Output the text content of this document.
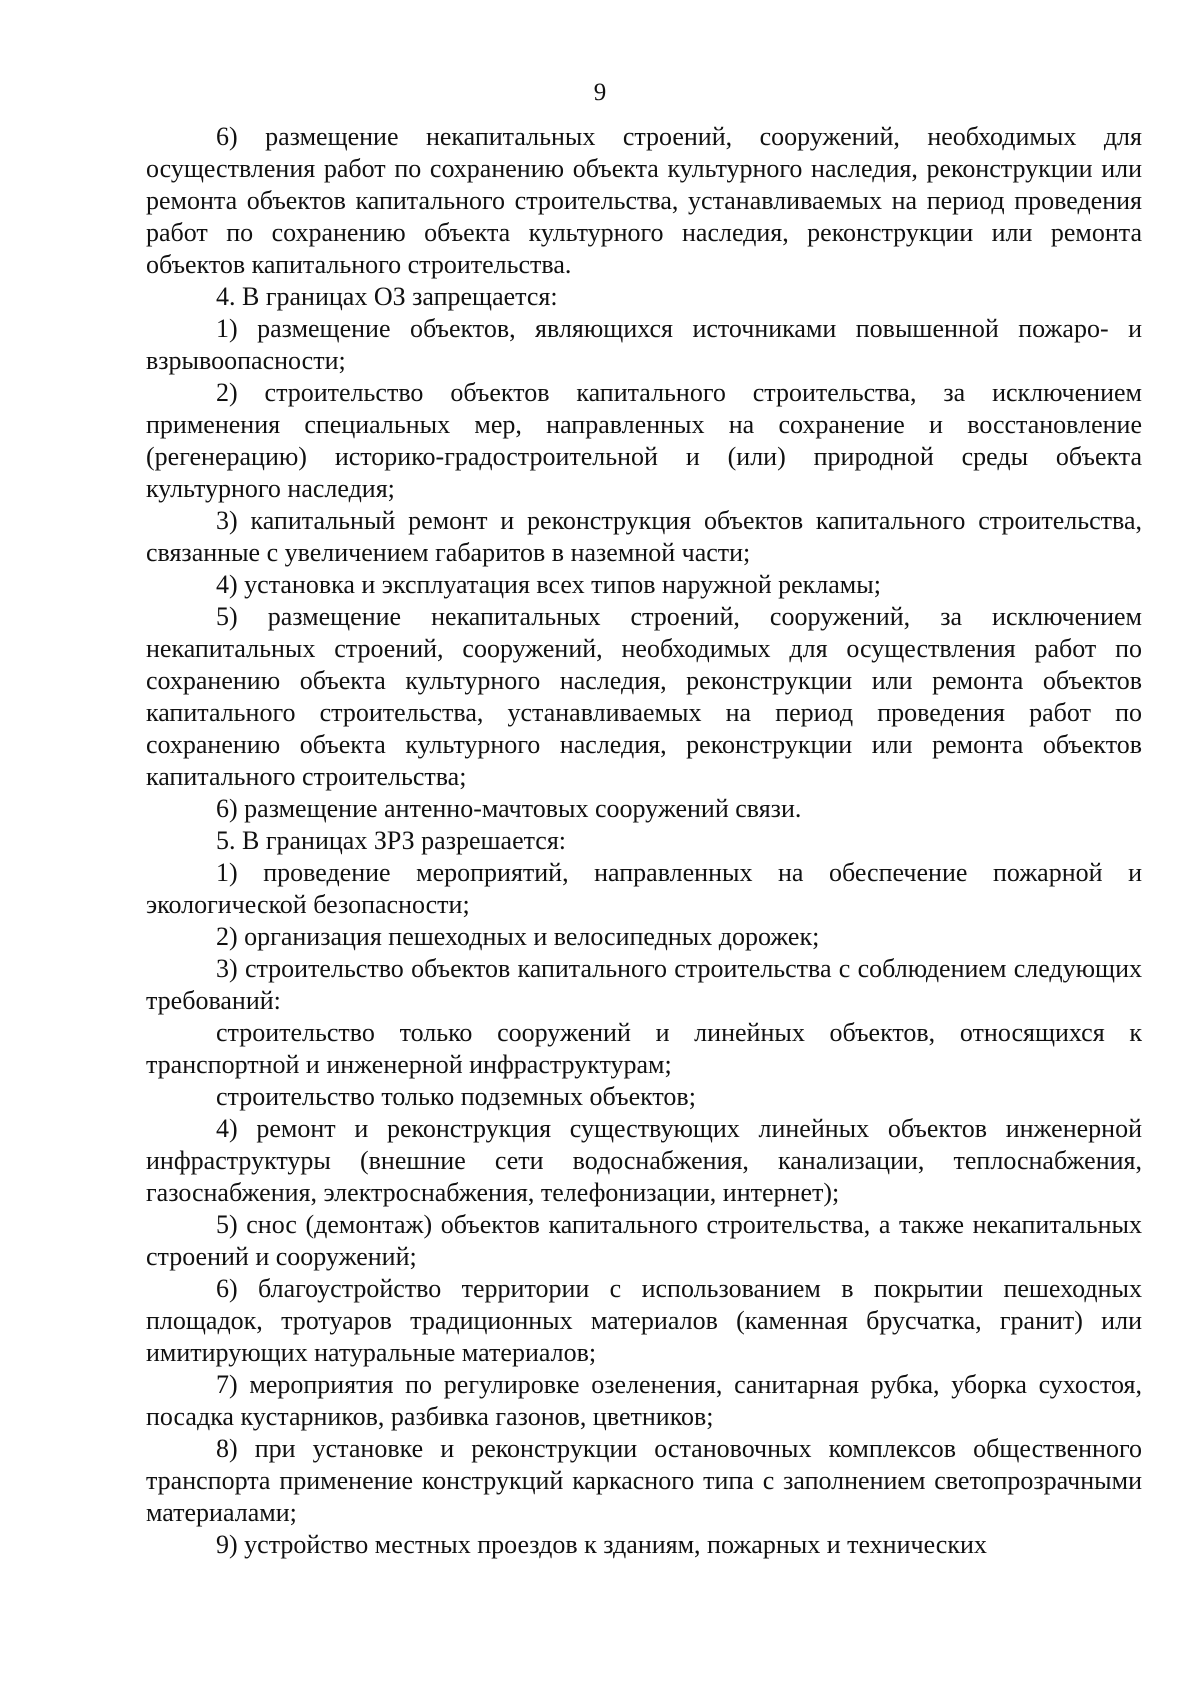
9

6) размещение некапитальных строений, сооружений, необходимых для осуществления работ по сохранению объекта культурного наследия, реконструкции или ремонта объектов капитального строительства, устанавливаемых на период проведения работ по сохранению объекта культурного наследия, реконструкции или ремонта объектов капитального строительства.

4. В границах ОЗ запрещается:

1) размещение объектов, являющихся источниками повышенной пожаро- и взрывоопасности;

2) строительство объектов капитального строительства, за исключением применения специальных мер, направленных на сохранение и восстановление (регенерацию) историко-градостроительной и (или) природной среды объекта культурного наследия;

3) капитальный ремонт и реконструкция объектов капитального строительства, связанные с увеличением габаритов в наземной части;

4) установка и эксплуатация всех типов наружной рекламы;

5) размещение некапитальных строений, сооружений, за исключением некапитальных строений, сооружений, необходимых для осуществления работ по сохранению объекта культурного наследия, реконструкции или ремонта объектов капитального строительства, устанавливаемых на период проведения работ по сохранению объекта культурного наследия, реконструкции или ремонта объектов капитального строительства;

6) размещение антенно-мачтовых сооружений связи.

5. В границах ЗРЗ разрешается:

1) проведение мероприятий, направленных на обеспечение пожарной и экологической безопасности;

2) организация пешеходных и велосипедных дорожек;

3) строительство объектов капитального строительства с соблюдением следующих требований:

строительство только сооружений и линейных объектов, относящихся к транспортной и инженерной инфраструктурам;

строительство только подземных объектов;

4) ремонт и реконструкция существующих линейных объектов инженерной инфраструктуры (внешние сети водоснабжения, канализации, теплоснабжения, газоснабжения, электроснабжения, телефонизации, интернет);

5) снос (демонтаж) объектов капитального строительства, а также некапитальных строений и сооружений;

6) благоустройство территории с использованием в покрытии пешеходных площадок, тротуаров традиционных материалов (каменная брусчатка, гранит) или имитирующих натуральные материалов;

7) мероприятия по регулировке озеленения, санитарная рубка, уборка сухостоя, посадка кустарников, разбивка газонов, цветников;

8) при установке и реконструкции остановочных комплексов общественного транспорта применение конструкций каркасного типа с заполнением светопрозрачными материалами;

9) устройство местных проездов к зданиям, пожарных и технических
